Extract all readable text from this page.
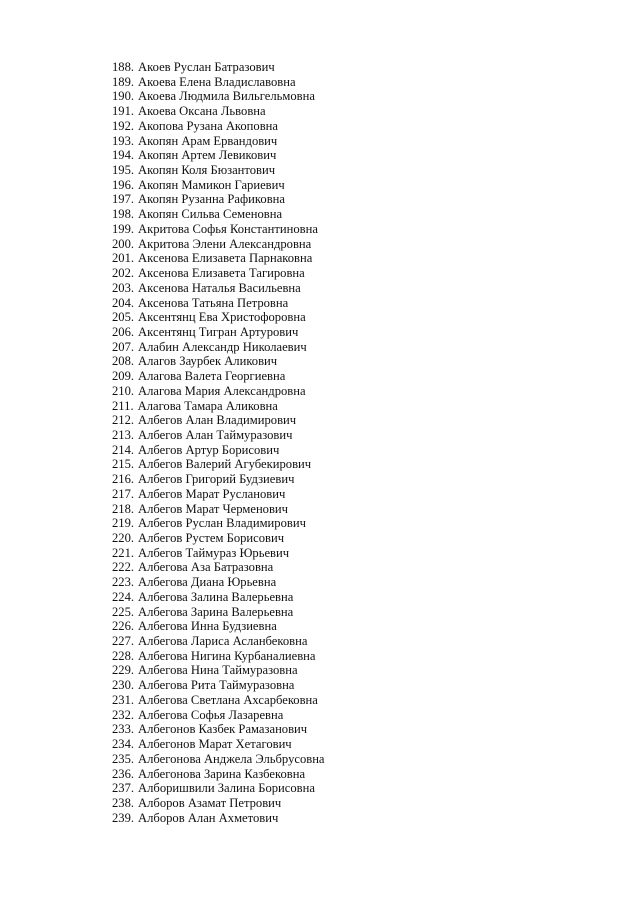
188 . Акоев Руслан Батразович
189 . Акоева Елена Владиславовна
190 . Акоева Людмила Вильгельмовна
191 . Акоева Оксана Львовна
192 . Акопова Рузана Акоповна
193 . Акопян Арам Ервандович
194 . Акопян Артем Левикович
195 . Акопян Коля Бюзантович
196 . Акопян Мамикон Гариевич
197 . Акопян Рузанна Рафиковна
198 . Акопян Сильва Семеновна
199 . Акритова Софья Константиновна
200 . Акритова Элени Александровна
201 . Аксенова Елизавета Парнаковна
202 . Аксенова Елизавета Тагировна
203 . Аксенова Наталья Васильевна
204 . Аксенова Татьяна Петровна
205 . Аксентянц Ева Христофоровна
206 . Аксентянц Тигран Артурович
207 . Алабин Александр Николаевич
208 . Алагов Заурбек Аликович
209 . Алагова Валета Георгиевна
210 . Алагова Мария Александровна
211 . Алагова Тамара Аликовна
212 . Албегов Алан Владимирович
213 . Албегов Алан Таймуразович
214 . Албегов Артур Борисович
215 . Албегов Валерий Агубекирович
216 . Албегов Григорий Будзиевич
217 . Албегов Марат Русланович
218 . Албегов Марат Черменович
219 . Албегов Руслан Владимирович
220 . Албегов Рустем Борисович
221 . Албегов Таймураз Юрьевич
222 . Албегова Аза Батразовна
223 . Албегова Диана Юрьевна
224 . Албегова Залина Валерьевна
225 . Албегова Зарина Валерьевна
226 . Албегова Инна Будзиевна
227 . Албегова Лариса Асланбековна
228 . Албегова Нигина Курбаналиевна
229 . Албегова Нина Таймуразовна
230 . Албегова Рита Таймуразовна
231 . Албегова Светлана Ахсарбековна
232 . Албегова Софья Лазаревна
233 . Албегонов Казбек Рамазанович
234 . Албегонов Марат Хетагович
235 . Албегонова Анджела Эльбрусовна
236 . Албегонова Зарина Казбековна
237 . Алборишвили Залина Борисовна
238 . Алборов Азамат Петрович
239 . Алборов Алан Ахметович
